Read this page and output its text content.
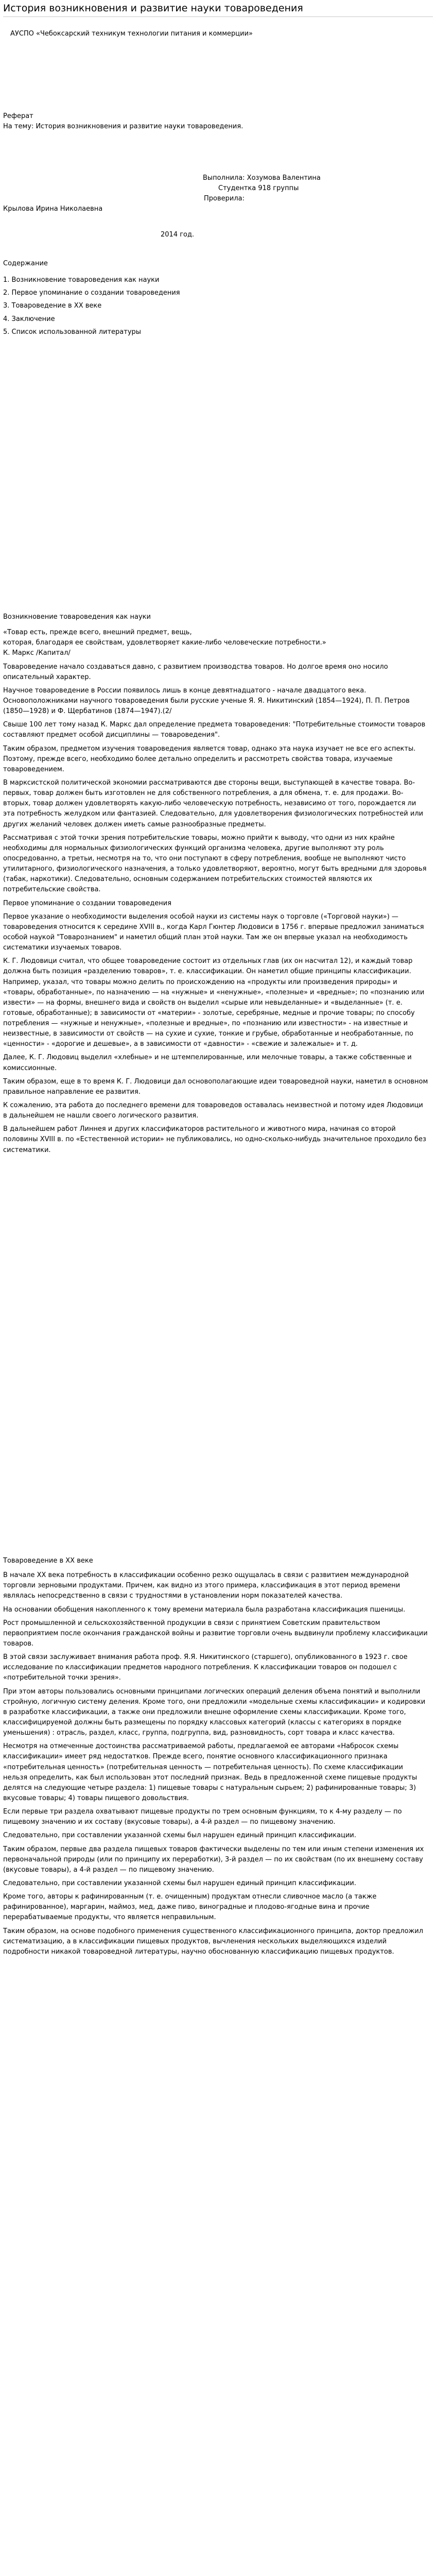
История возникновения и развитие науки товароведения

АУСПО «Чебоксарский техникум технологии питания и коммерции»

Реферат

На тему: История возникновения и развитие науки товароведения.

Выполнила: Хозумова Валентина

Студентка 918 группы

Проверила:

Крылова Ирина Николаевна

2014 год.

Содержание

1. Возникновение товароведения как науки

2. Первое упоминание о создании товароведения

3. Товароведение в ХХ веке

4. Заключение

5. Список использованной литературы

Возникновение товароведения как науки

«Товар есть, прежде всего, внешний предмет, вещь,

которая, благодаря ее свойствам, удовлетворяет какие-либо человеческие потребности.»

К. Маркс /Капитал/

Товароведение начало создаваться давно, с развитием производства товаров. Но долгое время оно носило описательный характер.

Научное товароведение в России появилось лишь в конце девятнадцатого - начале двадцатого века. Основоположниками научного товароведения были русские ученые Я. Я. Никитинский (1854—1924), П. П. Петров (1850—1928) и Ф. Щербатинов (1874—1947).(2/

Свыше 100 лет тому назад К. Маркс дал определение предмета товароведения: "Потребительные стоимости товаров составляют предмет особой дисциплины — товароведения".

Таким образом, предметом изучения товароведения является товар, однако эта наука изучает не все его аспекты. Поэтому, прежде всего, необходимо более детально определить и рассмотреть свойства товара, изучаемые товароведением.

В марксистской политической экономии рассматриваются две стороны вещи, выступающей в качестве товара. Во-первых, товар должен быть изготовлен не для собственного потребления, а для обмена, т. е. для продажи. Во-вторых, товар должен удовлетворять какую-либо человеческую потребность, независимо от того, порождается ли эта потребность желудком или фантазией. Следовательно, для удовлетворения физиологических потребностей или других желаний человек должен иметь самые разнообразные предметы.

Рассматривая с этой точки зрения потребительские товары, можно прийти к выводу, что одни из них крайне необходимы для нормальных физиологических функций организма человека, другие выполняют эту роль опосредованно, а третьи, несмотря на то, что они поступают в сферу потребления, вообще не выполняют чисто утилитарного, физиологического назначения, а только удовлетворяют, вероятно, могут быть вредными для здоровья (табак, наркотики). Следовательно, основным содержанием потребительских стоимостей являются их потребительские свойства.

Первое упоминание о создании товароведения

Первое указание о необходимости выделения особой науки из системы наук о торговле («Торговой науки») — товароведения относится к середине XVIII в., когда Карл Гюнтер Людовиси в 1756 г. впервые предложил заниматься особой наукой "Товарознанием" и наметил общий план этой науки. Там же он впервые указал на необходимость систематики изучаемых товаров.

К. Г. Людовици считал, что общее товароведение состоит из отдельных глав (их он насчитал 12), и каждый товар должна быть позиция «разделению товаров», т. е. классификации. Он наметил общие принципы классификации. Например, указал, что товары можно делить по происхождению на «продукты или произведения природы» и «товары, обработанные», по назначению — на «нужные» и «ненужные», «полезные» и «вредные»; по «познанию или извести» — на формы, внешнего вида и свойств он выделил «сырые или невыделанные» и «выделанные» (т. е. готовые, обработанные); в зависимости от «материи» - золотые, серебряные, медные и прочие товары; по способу потребления — «нужные и ненужные», «полезные и вредные», по «познанию или известности» - на известные и неизвестные, в зависимости от свойств — на сухие и сухие, тонкие и грубые, обработанные и необработанные, по «ценности» - «дорогие и дешевые», а в зависимости от «давности» - «свежие и залежалые» и т. д.

Далее, К. Г. Людовиц выделил «хлебные» и не штемпелированные, или мелочные товары, а также собственные и комиссионные.

Таким образом, еще в то время К. Г. Людовици дал основополагающие идеи товароведной науки, наметил в основном правильное направление ее развития.

К сожалению, эта работа до последнего времени для товароведов оставалась неизвестной и потому идея Людовици в дальнейшем не нашли своего логического развития.

В дальнейшем работ Линнея и других классификаторов растительного и животного мира, начиная со второй половины XVIII в. по «Естественной истории» не публиковались, но одно-сколько-нибудь значительное проходило без систематики.

Товароведение в ХХ веке

В начале ХХ века потребность в классификации особенно резко ощущалась в связи с развитием международной торговли зерновыми продуктами. Причем, как видно из этого примера, классификация в этот период времени являлась непосредственно в связи с трудностями в установлении норм показателей качества.

На основании обобщения накопленного к тому времени материала была разработана классификация пшеницы.

Рост промышленной и сельскохозяйственной продукции в связи с принятием Советским правительством первоприятием после окончания гражданской войны и развитие торговли очень выдвинули проблему классификации товаров.

В этой связи заслуживает внимания работа проф. Я.Я. Никитинского (старшего), опубликованного в 1923 г. свое исследование по классификации предметов народного потребления. К классификации товаров он подошел с «потребительной точки зрения».

При этом авторы пользовались основными принципами логических операций деления объема понятий и выполнили стройную, логичную систему деления. Кроме того, они предложили «модельные схемы классификации» и кодировки в разработке классификации, а также они предложили внешне оформление схемы классификации. Кроме того, классифицируемой должны быть размещены по порядку классовых категорий (классы с категориях в порядке уменьшения) : отрасль, раздел, класс, группа, подгруппа, вид, разновидность, сорт товара и класс качества.

Несмотря на отмеченные достоинства рассматриваемой работы, предлагаемой ее авторами «Набросок схемы классификации» имеет ряд недостатков. Прежде всего, понятие основного классификационного признака «потребительная ценность» (потребительная ценность — потребительная ценность). По схеме классификации нельзя определить, как был использован этот последний признак. Ведь в предложенной схеме пищевые продукты делятся на следующие четыре раздела: 1) пищевые товары с натуральным сырьем; 2) рафинированные товары; 3) вкусовые товары; 4) товары пищевого довольствия.

Если первые три раздела охватывают пищевые продукты по трем основным функциям, то к 4-му разделу — по пищевому значению и их составу (вкусовые товары), а 4-й раздел — по пищевому значению.

Следовательно, при составлении указанной схемы был нарушен единый принцип классификации.

Таким образом, первые два раздела пищевых товаров фактически выделены по тем или иным степени изменения их первоначальной природы (или по принципу их переработки), 3-й раздел — по их свойствам (по их внешнему составу (вкусовые товары), а 4-й раздел — по пищевому значению.

Следовательно, при составлении указанной схемы был нарушен единый принцип классификации.

Кроме того, авторы к рафинированным (т. е. очищенным) продуктам отнесли сливочное масло (а также рафинированное), маргарин, маймоз, мед, даже пиво, виноградные и плодово-ягодные вина и прочие перерабатываемые продукты, что является неправильным.

Таким образом, на основе подобного применения существенного классификационного принципа, доктор предложил систематизацию, а в классификации пищевых продуктов, вычленения нескольких выделяющихся изделий подробности никакой товароведной литературы, научно обоснованную классификацию пищевых продуктов.
